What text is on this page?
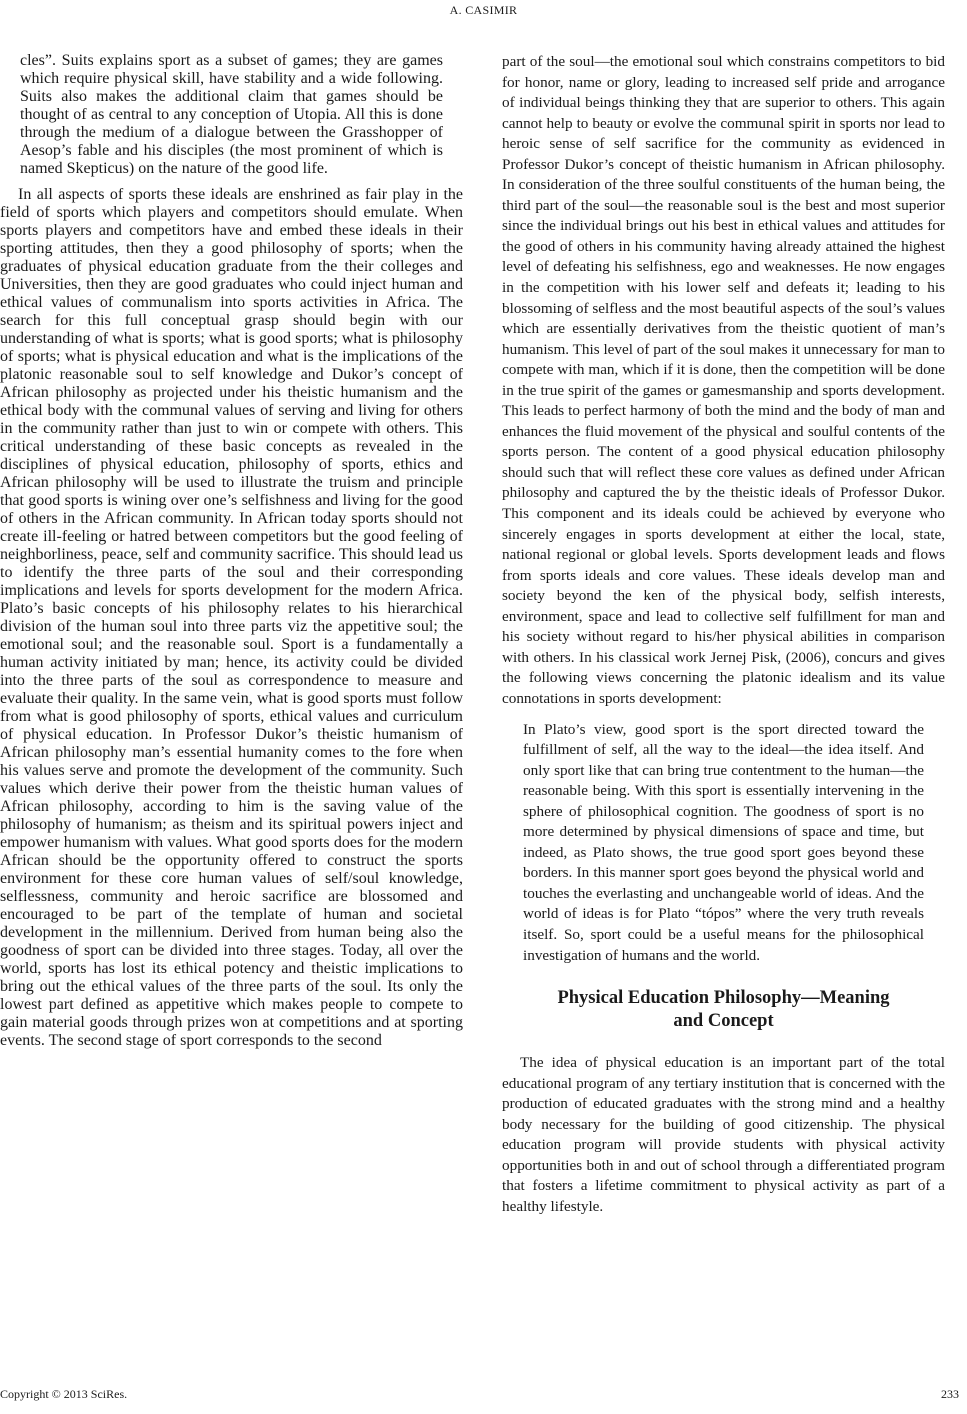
A. CASIMIR

cles”. Suits explains sport as a subset of games; they are games which require physical skill, have stability and a wide following. Suits also makes the additional claim that games should be thought of as central to any conception of Utopia. All this is done through the medium of a dialogue between the Grasshopper of Aesop’s fable and his disciples (the most prominent of which is named Skepticus) on the nature of the good life.

In all aspects of sports these ideals are enshrined as fair play in the field of sports which players and competitors should emulate. When sports players and competitors have and embed these ideals in their sporting attitudes, then they a good philosophy of sports; when the graduates of physical education graduate from the their colleges and Universities, then they are good graduates who could inject human and ethical values of communalism into sports activities in Africa. The search for this full conceptual grasp should begin with our understanding of what is sports; what is good sports; what is philosophy of sports; what is physical education and what is the implications of the platonic reasonable soul to self knowledge and Dukor’s concept of African philosophy as projected under his theistic humanism and the ethical body with the communal values of serving and living for others in the community rather than just to win or compete with others. This critical understanding of these basic concepts as revealed in the disciplines of physical education, philosophy of sports, ethics and African philosophy will be used to illustrate the truism and principle that good sports is wining over one’s selfishness and living for the good of others in the African community. In African today sports should not create ill-feeling or hatred between competitors but the good feeling of neighborliness, peace, self and community sacrifice. This should lead us to identify the three parts of the soul and their corresponding implications and levels for sports development for the modern Africa. Plato’s basic concepts of his philosophy relates to his hierarchical division of the human soul into three parts viz the appetitive soul; the emotional soul; and the reasonable soul. Sport is a fundamentally a human activity initiated by man; hence, its activity could be divided into the three parts of the soul as correspondence to measure and evaluate their quality. In the same vein, what is good sports must follow from what is good philosophy of sports, ethical values and curriculum of physical education. In Professor Dukor’s theistic humanism of African philosophy man’s essential humanity comes to the fore when his values serve and promote the development of the community. Such values which derive their power from the theistic human values of African philosophy, according to him is the saving value of the philosophy of humanism; as theism and its spiritual powers inject and empower humanism with values. What good sports does for the modern African should be the opportunity offered to construct the sports environment for these core human values of self/soul knowledge, selflessness, community and heroic sacrifice are blossomed and encouraged to be part of the template of human and societal development in the millennium. Derived from human being also the goodness of sport can be divided into three stages. Today, all over the world, sports has lost its ethical potency and theistic implications to bring out the ethical values of the three parts of the soul. Its only the lowest part defined as appetitive which makes people to compete to gain material goods through prizes won at competitions and at sporting events. The second stage of sport corresponds to the second

part of the soul—the emotional soul which constrains competitors to bid for honor, name or glory, leading to increased self pride and arrogance of individual beings thinking they that are superior to others. This again cannot help to beauty or evolve the communal spirit in sports nor lead to heroic sense of self sacrifice for the community as evidenced in Professor Dukor’s concept of theistic humanism in African philosophy. In consideration of the three soulful constituents of the human being, the third part of the soul—the reasonable soul is the best and most superior since the individual brings out his best in ethical values and attitudes for the good of others in his community having already attained the highest level of defeating his selfishness, ego and weaknesses. He now engages in the competition with his lower self and defeats it; leading to his blossoming of selfless and the most beautiful aspects of the soul’s values which are essentially derivatives from the theistic quotient of man’s humanism. This level of part of the soul makes it unnecessary for man to compete with man, which if it is done, then the competition will be done in the true spirit of the games or gamesmanship and sports development. This leads to perfect harmony of both the mind and the body of man and enhances the fluid movement of the physical and soulful contents of the sports person. The content of a good physical education philosophy should such that will reflect these core values as defined under African philosophy and captured the by the theistic ideals of Professor Dukor. This component and its ideals could be achieved by everyone who sincerely engages in sports development at either the local, state, national regional or global levels. Sports development leads and flows from sports ideals and core values. These ideals develop man and society beyond the ken of the physical body, selfish interests, environment, space and lead to collective self fulfillment for man and his society without regard to his/her physical abilities in comparison with others. In his classical work Jernej Pisk, (2006), concurs and gives the following views concerning the platonic idealism and its value connotations in sports development:

In Plato’s view, good sport is the sport directed toward the fulfillment of self, all the way to the ideal—the idea itself. And only sport like that can bring true contentment to the human—the reasonable being. With this sport is essentially intervening in the sphere of philosophical cognition. The goodness of sport is no more determined by physical dimensions of space and time, but indeed, as Plato shows, the true good sport goes beyond these borders. In this manner sport goes beyond the physical world and touches the everlasting and unchangeable world of ideas. And the world of ideas is for Plato “tópos” where the very truth reveals itself. So, sport could be a useful means for the philosophical investigation of humans and the world.

Physical Education Philosophy—Meaning
and Concept

The idea of physical education is an important part of the total educational program of any tertiary institution that is concerned with the production of educated graduates with the strong mind and a healthy body necessary for the building of good citizenship. The physical education program will provide students with physical activity opportunities both in and out of school through a differentiated program that fosters a lifetime commitment to physical activity as part of a healthy lifestyle.

Copyright © 2013 SciRes.	233
